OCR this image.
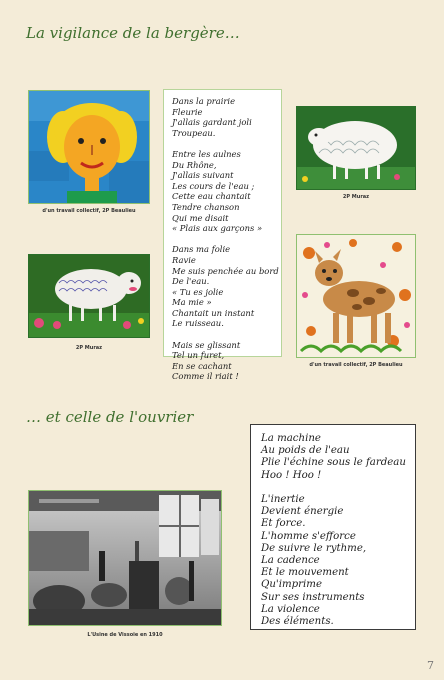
La vigilance de la bergère…
d'un travail collectif, 2P Beaulieu
Dans la prairie
Fleurie
J'allais gardant joli
Troupeau.
Entre les aulnes
Du Rhône,
J'allais suivant
Les cours de l'eau ;
Cette eau chantait
Tendre chanson
Qui me disait
« Plais aux garçons »
Dans ma folie
Ravie
Me suis penchée au bord
De l'eau.
« Tu es jolie
Ma mie »
Chantait un instant
Le ruisseau.
Mais se glissant
Tel un furet,
En se cachant
Comme il riait !
2P Muraz
2P Muraz
d'un travail collectif, 2P Beaulieu
… et celle de l'ouvrier
La machine
Au poids de l'eau
Plie l'échine sous le fardeau
Hoo ! Hoo !
L'inertie
Devient énergie
Et force.
L'homme s'efforce
De suivre le rythme,
La cadence
Et le mouvement
Qu'imprime
Sur ses instruments
La violence
Des éléments.
L'Usine de Vissoie en 1910
7
